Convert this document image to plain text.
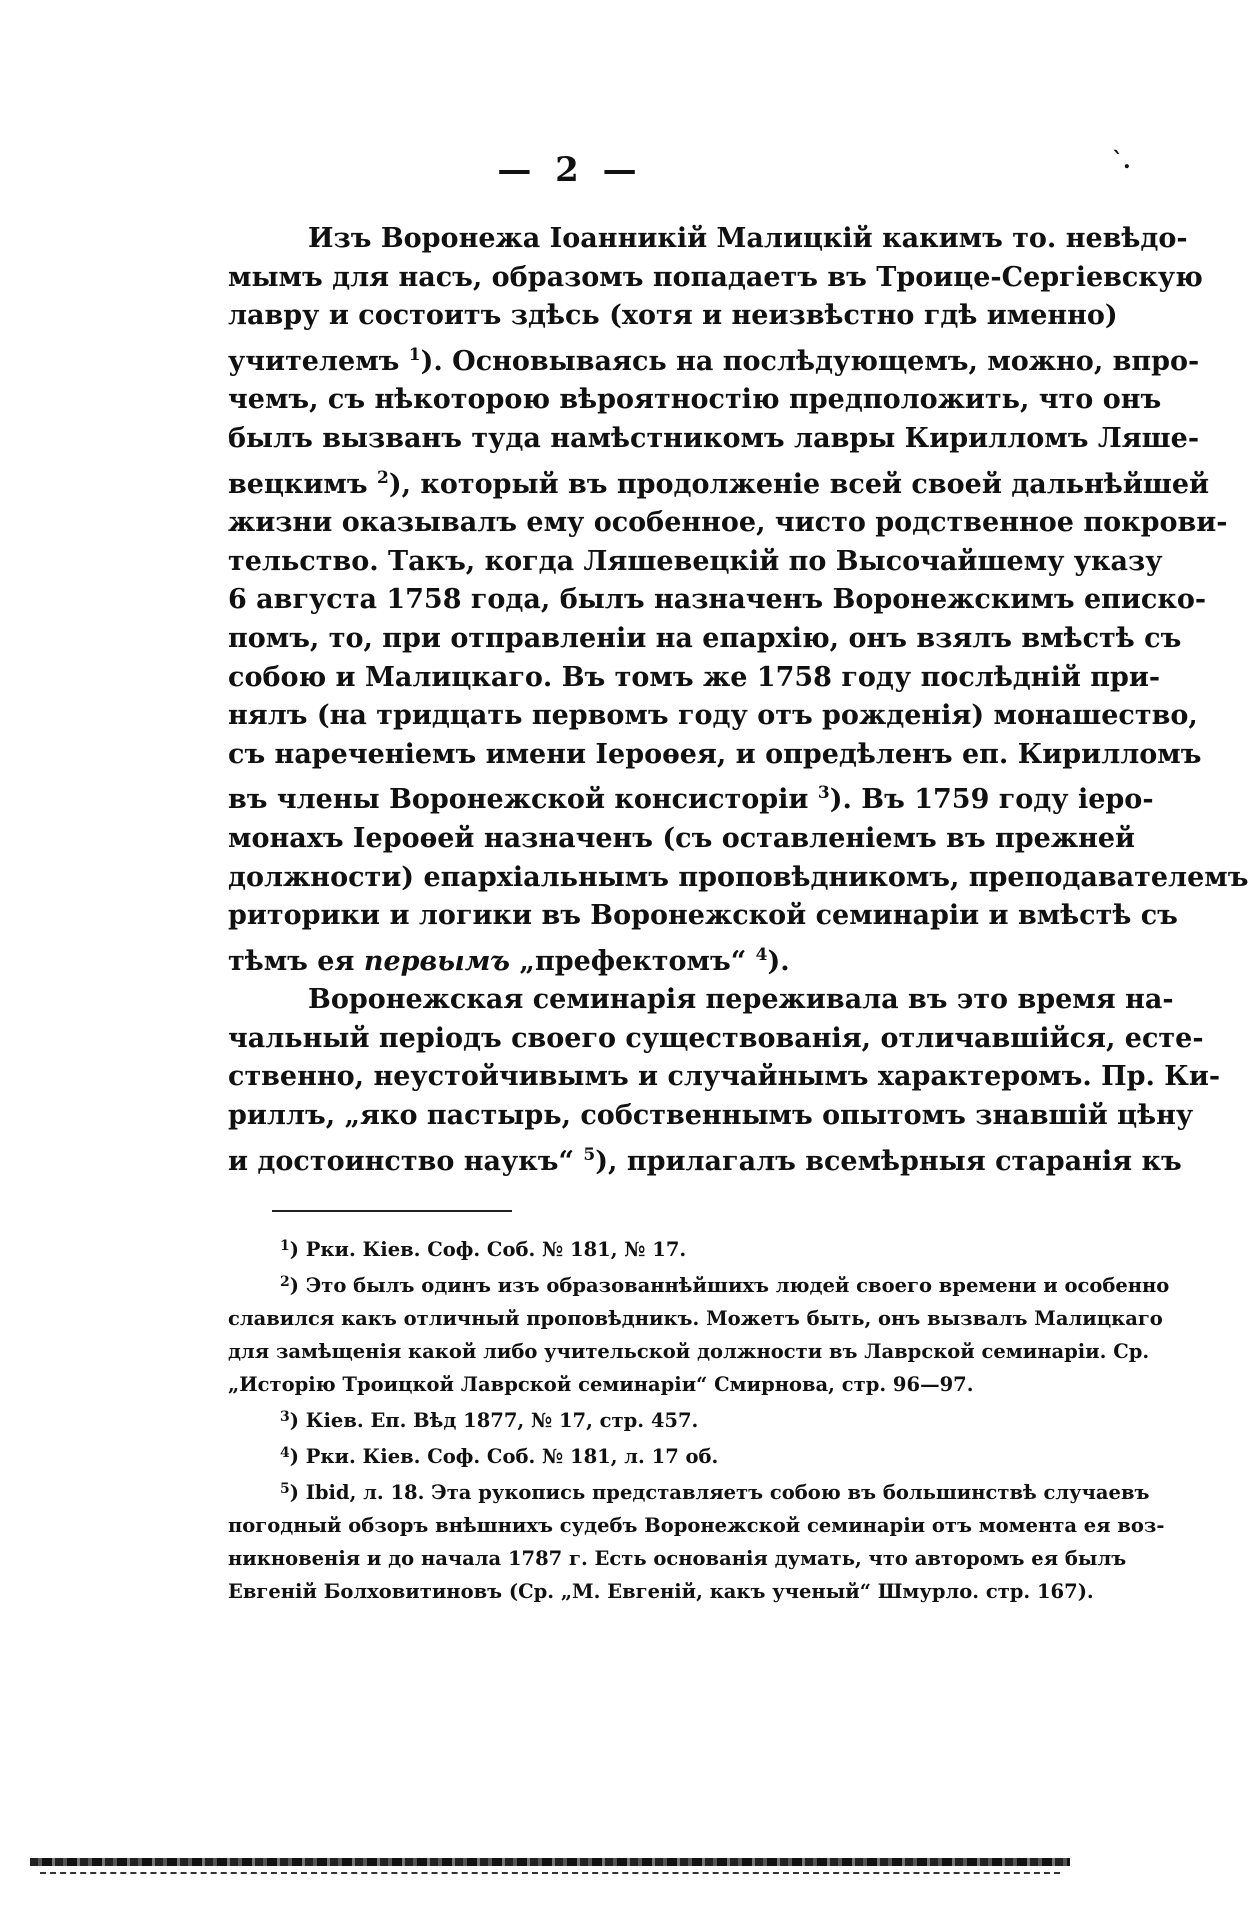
— 2 —	`.
Изъ Воронежа Іоанникій Малицкій какимъ то. невѣдо-
мымъ для насъ, образомъ попадаетъ въ Троице-Сергіевскую
лавру и состоитъ здѣсь (хотя и неизвѣстно гдѣ именно)
учителемъ $^1$). Основываясь на послѣдующемъ, можно, впро-
чемъ, съ нѣкоторою вѣроятностію предположить, что онъ
былъ вызванъ туда намѣстникомъ лавры Кирилломъ Ляше-
вецкимъ $^2$), который въ продолженіе всей своей дальнѣйшей
жизни оказывалъ ему особенное, чисто родственное покрови-
тельство. Такъ, когда Ляшевецкій по Высочайшему указу
6 августа 1758 года, былъ назначенъ Воронежскимъ еписко-
помъ, то, при отправленіи на епархію, онъ взялъ вмѣстѣ съ
собою и Малицкаго. Въ томъ же 1758 году послѣдній при-
нялъ (на тридцать первомъ году отъ рожденія) монашество,
съ нареченіемъ имени Іероѳея, и опредѣленъ еп. Кирилломъ
въ члены Воронежской консисторіи $^3$). Въ 1759 году іеро-
монахъ Іероѳей назначенъ (съ оставленіемъ въ прежней
должности) епархіальнымъ проповѣдникомъ, преподавателемъ
риторики и логики въ Воронежской семинаріи и вмѣстѣ съ
тѣмъ ея первымъ „префектомъ“ $^4$).
Воронежская семинарія переживала въ это время на-
чальный періодъ своего существованія, отличавшійся, есте-
ственно, неустойчивымъ и случайнымъ характеромъ. Пр. Ки-
риллъ, „яко пастырь, собственнымъ опытомъ знавшій цѣну
и достоинство наукъ“ $^5$), прилагалъ всемѣрныя старанія къ
$^1$) Рки. Кіев. Соф. Соб. № 181, № 17.
$^2$) Это былъ одинъ изъ образованнѣйшихъ людей своего времени и особенно
славился какъ отличный проповѣдникъ. Можетъ быть, онъ вызвалъ Малицкаго
для замѣщенія какой либо учительской должности въ Лаврской семинаріи. Ср.
„Исторію Троицкой Лаврской семинаріи“ Смирнова, стр. 96—97.
$^3$) Кіев. Еп. Вѣд 1877, № 17, стр. 457.
$^4$) Рки. Кіев. Соф. Соб. № 181, л. 17 об.
$^5$) Ibid, л. 18. Эта рукопись представляетъ собою въ большинствѣ случаевъ
погодный обзоръ внѣшнихъ судебъ Воронежской семинаріи отъ момента ея воз-
никновенія и до начала 1787 г. Есть основанія думать, что авторомъ ея былъ
Евгеній Болховитиновъ (Ср. „М. Евгеній, какъ ученый“ Шмурло. стр. 167).
